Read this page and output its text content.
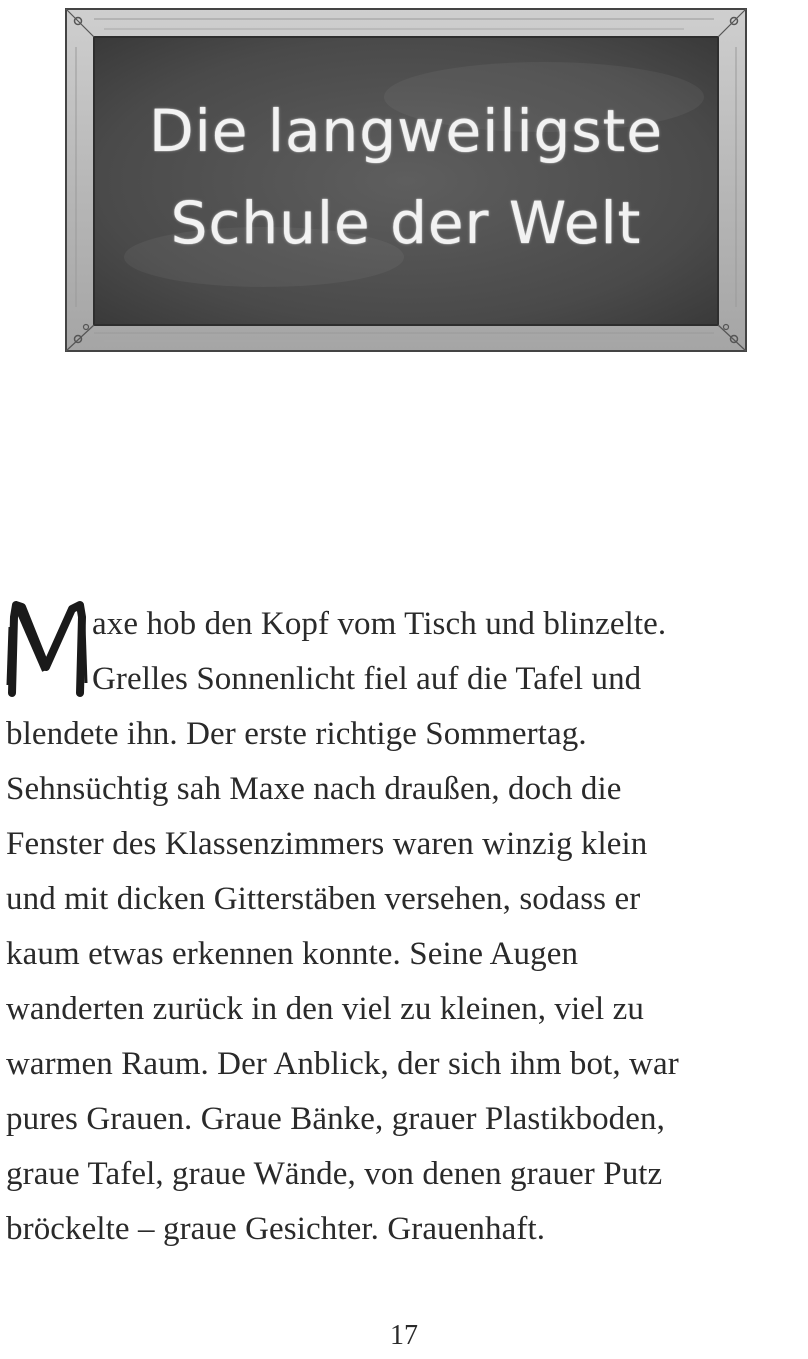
Die langweiligste
Schule der Welt
axe hob den Kopf vom Tisch und blinzelte.
Grelles Sonnenlicht fiel auf die Tafel und
blendete ihn. Der erste richtige Sommertag.
Sehnsüchtig sah Maxe nach draußen, doch die
Fenster des Klassenzimmers waren winzig klein
und mit dicken Gitterstäben versehen, sodass er
kaum etwas erkennen konnte. Seine Augen
wanderten zurück in den viel zu kleinen, viel zu
warmen Raum. Der Anblick, der sich ihm bot, war
pures Grauen. Graue Bänke, grauer Plastikboden,
graue Tafel, graue Wände, von denen grauer Putz
bröckelte – graue Gesichter. Grauenhaft.
17
